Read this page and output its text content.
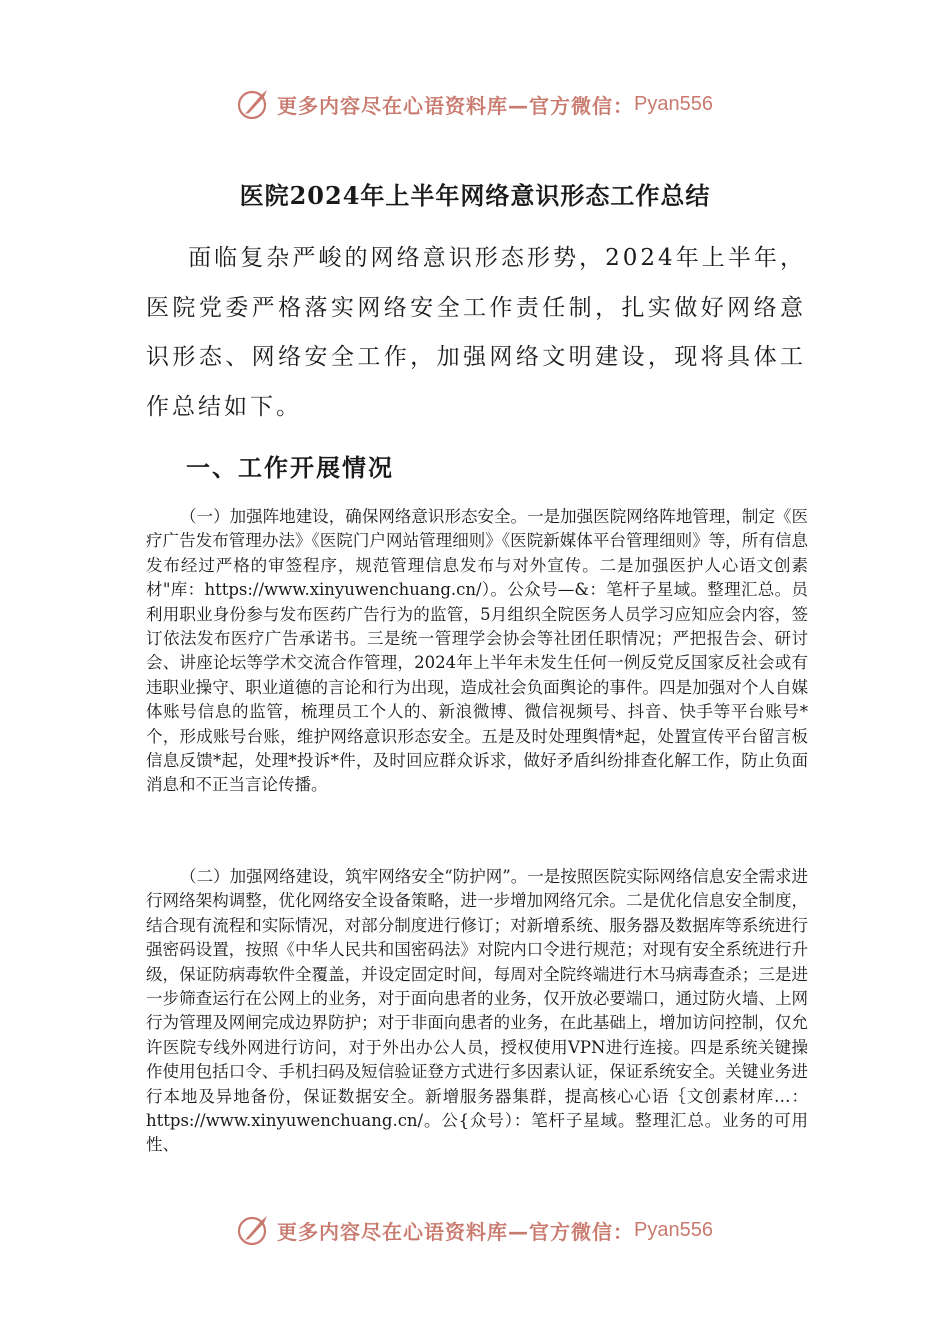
更多内容尽在心语资料库—官方微信： Pyan556
医院2024年上半年网络意识形态工作总结

面临复杂严峻的网络意识形态形势，2024年上半年，医院党委严格落实网络安全工作责任制，扎实做好网络意识形态、网络安全工作，加强网络文明建设，现将具体工作总结如下。

一、工作开展情况

（一）加强阵地建设，确保网络意识形态安全。一是加强医院网络阵地管理，制定《医疗广告发布管理办法》《医院门户网站管理细则》《医院新媒体平台管理细则》等，所有信息发布经过严格的审签程序，规范管理信息发布与对外宣传。二是加强医护人心语文创素材"库：https://www.xinyuwenchuang.cn/）。公众号—&：笔杆子星域。整理汇总。员利用职业身份参与发布医药广告行为的监管，5月组织全院医务人员学习应知应会内容，签订依法发布医疗广告承诺书。三是统一管理学会协会等社团任职情况；严把报告会、研讨会、讲座论坛等学术交流合作管理，2024年上半年未发生任何一例反党反国家反社会或有违职业操守、职业道德的言论和行为出现，造成社会负面舆论的事件。四是加强对个人自媒体账号信息的监管，梳理员工个人的、新浪微博、微信视频号、抖音、快手等平台账号*个，形成账号台账，维护网络意识形态安全。五是及时处理舆情*起，处置宣传平台留言板信息反馈*起，处理*投诉*件，及时回应群众诉求，做好矛盾纠纷排查化解工作，防止负面消息和不正当言论传播。

（二）加强网络建设，筑牢网络安全“防护网”。一是按照医院实际网络信息安全需求进行网络架构调整，优化网络安全设备策略，进一步增加网络冗余。二是优化信息安全制度，结合现有流程和实际情况，对部分制度进行修订；对新增系统、服务器及数据库等系统进行强密码设置，按照《中华人民共和国密码法》对院内口令进行规范；对现有安全系统进行升级，保证防病毒软件全覆盖，并设定固定时间，每周对全院终端进行木马病毒查杀；三是进一步筛查运行在公网上的业务，对于面向患者的业务，仅开放必要端口，通过防火墙、上网行为管理及网闸完成边界防护；对于非面向患者的业务，在此基础上，增加访问控制，仅允许医院专线外网进行访问，对于外出办公人员，授权使用VPN进行连接。四是系统关键操作使用包括口令、手机扫码及短信验证登方式进行多因素认证，保证系统安全。关键业务进行本地及异地备份，保证数据安全。新增服务器集群，提高核心心语｛文创素材库…：https://www.xinyuwenchuang.cn/。公{众号）：笔杆子星域。整理汇总。业务的可用性、

更多内容尽在心语资料库—官方微信： Pyan556
